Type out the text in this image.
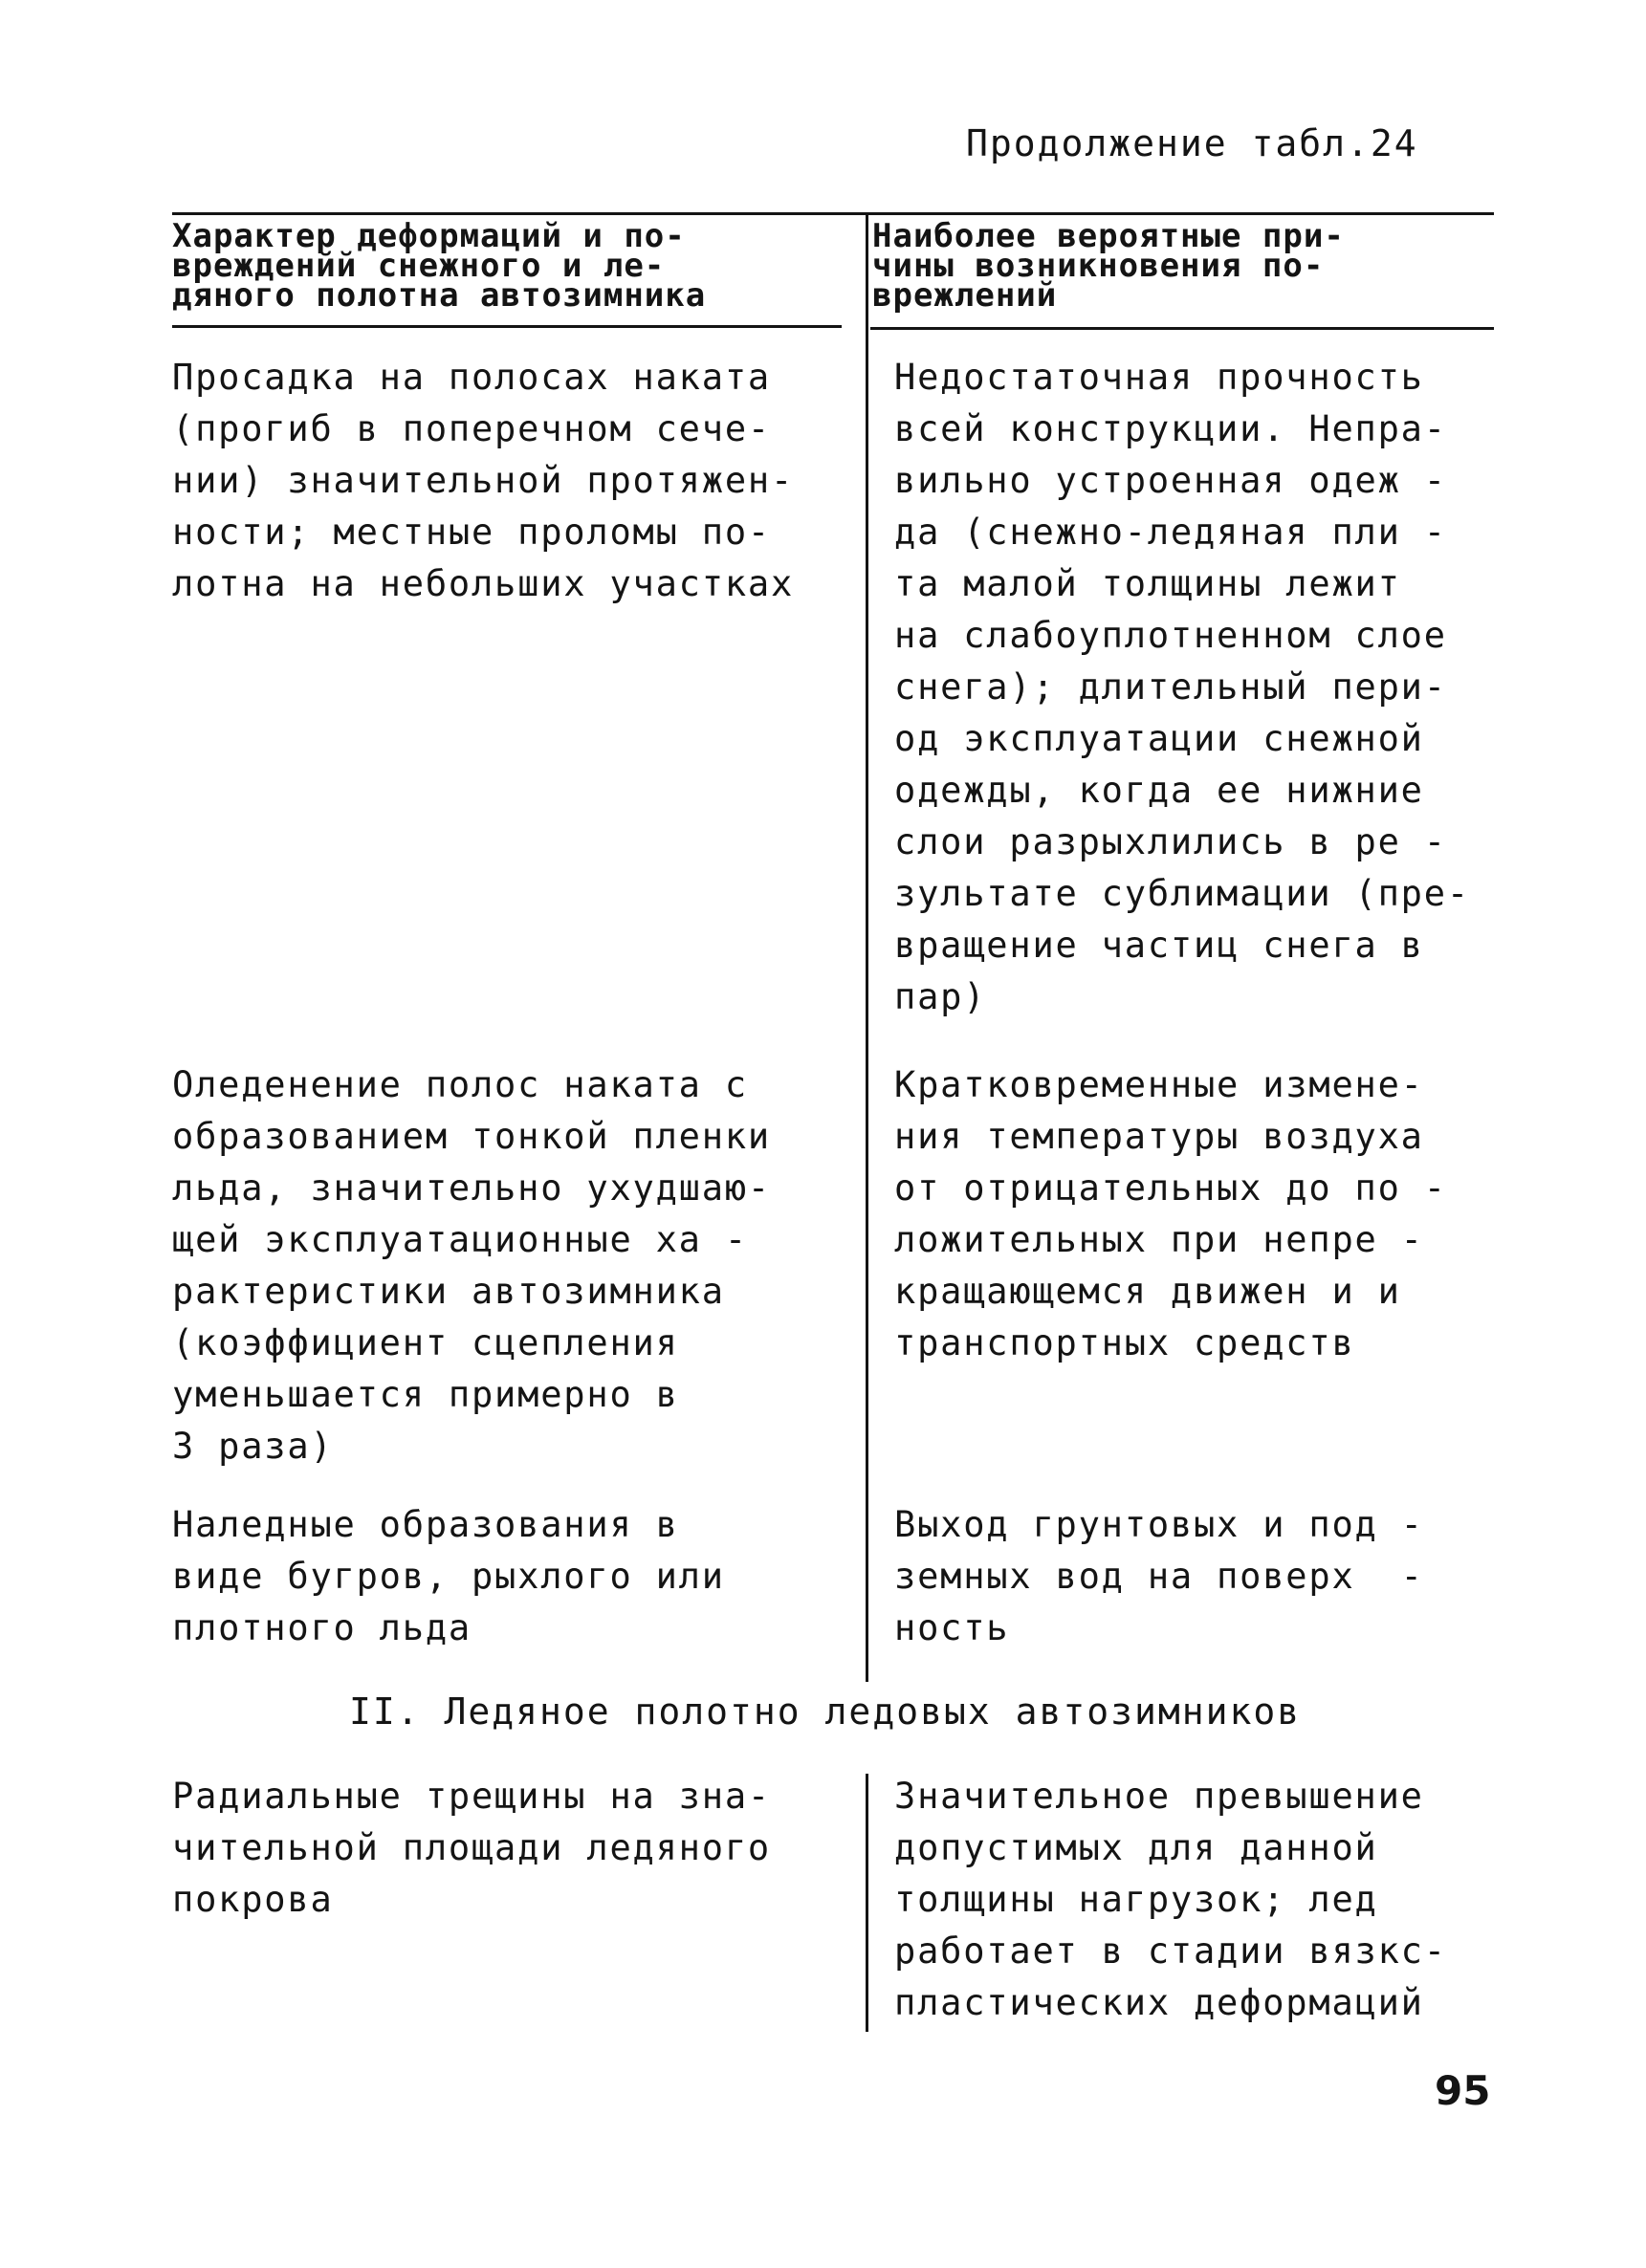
Продолжение табл.24
Характер деформаций и по-
врежденйй снежного и ле-
дяного полотна автозимника
Наиболее вероятные при-
чины возникновения по-
врежлений
Просадка на полосах наката
(прогиб в поперечном сече-
нии) значительной протяжен-
ности; местные проломы по-
лотна на небольших участках
Недостаточная прочность
всей конструкции. Непра-
вильно устроенная одеж -
да (снежно-ледяная пли -
та малой толщины лежит
на слабоуплотненном слое
снега); длительный пери-
од эксплуатации снежной
одежды, когда ее нижние
слои разрыхлились в ре -
зультате сублимации (пре-
вращение частиц снега в
пар)
Оледенение полос наката с
образованием тонкой пленки
льда, значительно ухудшаю-
щей эксплуатационные ха -
рактеристики автозимника
(коэффициент сцепления
уменьшается примерно в
3 раза)
Кратковременные измене-
ния температуры воздуха
от отрицательных до по -
ложительных при непре -
кращающемся движен и и
транспортных средств
Наледные образования в
виде бугров, рыхлого или
плотного льда
Выход грунтовых и под -
земных вод на поверх  -
ность
II. Ледяное полотно ледовых автозимников
Радиальные трещины на зна-
чительной площади ледяного
покрова
Значительное превышение
допустимых для данной
толщины нагрузок; лед
работает в стадии вязкс-
пластических деформаций
95
